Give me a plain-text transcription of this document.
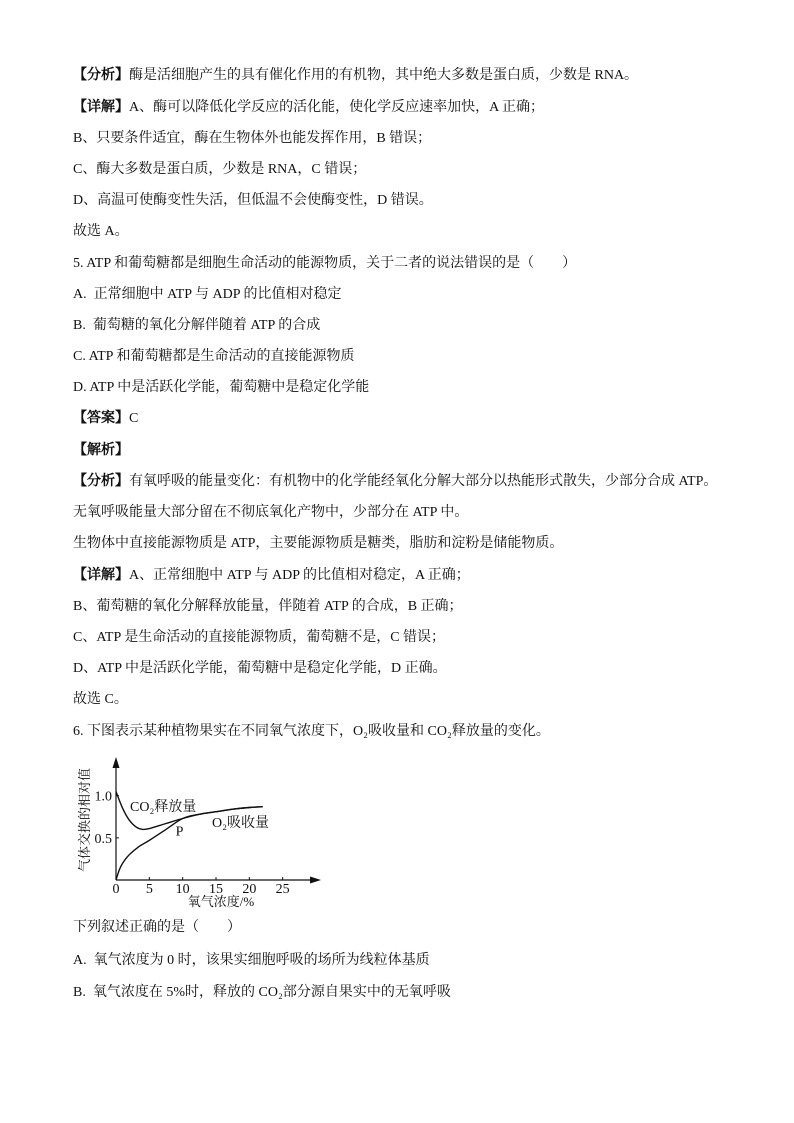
【分析】酶是活细胞产生的具有催化作用的有机物，其中绝大多数是蛋白质，少数是 RNA。
【详解】A、酶可以降低化学反应的活化能，使化学反应速率加快，A 正确；
B、只要条件适宜，酶在生物体外也能发挥作用，B 错误；
C、酶大多数是蛋白质，少数是 RNA，C 错误；
D、高温可使酶变性失活，但低温不会使酶变性，D 错误。
故选 A。
5. ATP 和葡萄糖都是细胞生命活动的能源物质，关于二者的说法错误的是（　　）
A.  正常细胞中 ATP 与 ADP 的比值相对稳定
B.  葡萄糖的氧化分解伴随着 ATP 的合成
C. ATP 和葡萄糖都是生命活动的直接能源物质
D. ATP 中是活跃化学能，葡萄糖中是稳定化学能
【答案】C
【解析】
【分析】有氧呼吸的能量变化：有机物中的化学能经氧化分解大部分以热能形式散失，少部分合成 ATP。
无氧呼吸能量大部分留在不彻底氧化产物中，少部分在 ATP 中。
生物体中直接能源物质是 ATP，主要能源物质是糖类，脂肪和淀粉是储能物质。
【详解】A、正常细胞中 ATP 与 ADP 的比值相对稳定，A 正确；
B、葡萄糖的氧化分解释放能量，伴随着 ATP 的合成，B 正确；
C、ATP 是生命活动的直接能源物质，葡萄糖不是，C 错误；
D、ATP 中是活跃化学能，葡萄糖中是稳定化学能，D 正确。
故选 C。
6. 下图表示某种植物果实在不同氧气浓度下，O₂吸收量和 CO₂释放量的变化。
气体交换的相对值
氧气浓度/%
CO₂释放量
O₂吸收量
0 5 10 15 20 25
0.5
1.0
P
下列叙述正确的是（　　）
A.  氧气浓度为 0 时，该果实细胞呼吸的场所为线粒体基质
B.  氧气浓度在 5%时，释放的 CO₂部分源自果实中的无氧呼吸
